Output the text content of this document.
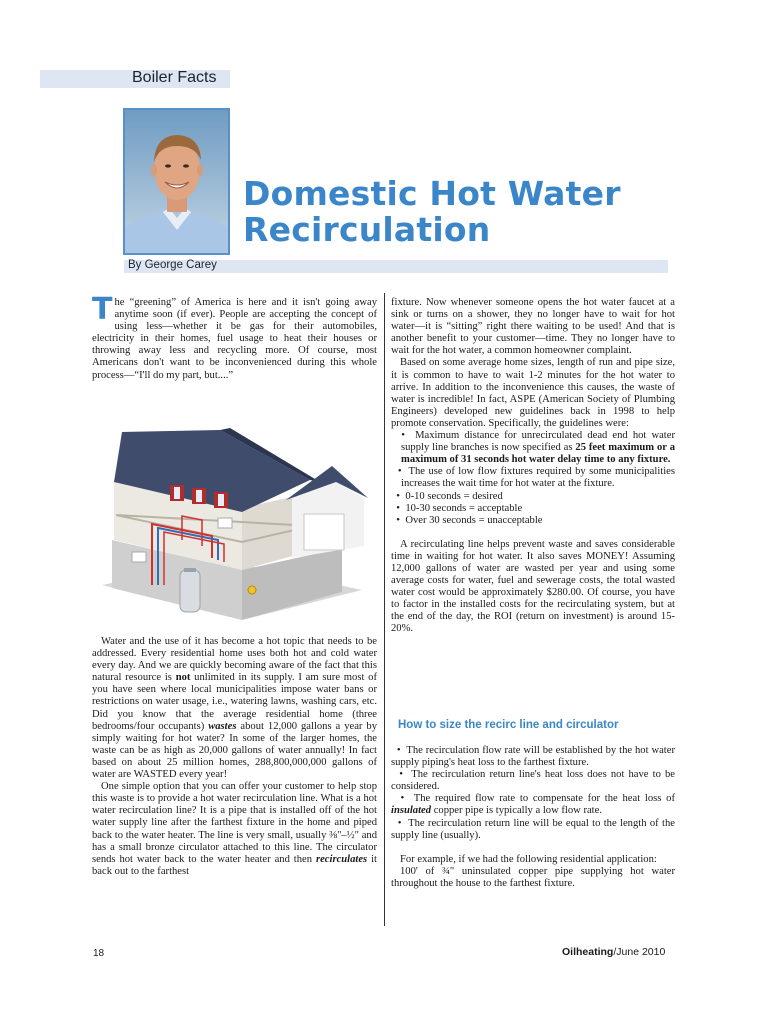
Boiler Facts
Domestic Hot Water
Recirculation
By George Carey

The “greening” of America is here and it isn't going away anytime soon (if ever). People are accepting the concept of using less—whether it be gas for their automobiles, electricity in their homes, fuel usage to heat their houses or throwing away less and recycling more. Of course, most Americans don't want to be inconvenienced during this whole process—“I'll do my part, but....”

Water and the use of it has become a hot topic that needs to be addressed. Every residential home uses both hot and cold water every day. And we are quickly becoming aware of the fact that this natural resource is not unlimited in its supply. I am sure most of you have seen where local municipalities impose water bans or restrictions on water usage, i.e., watering lawns, washing cars, etc. Did you know that the average residential home (three bedrooms/four occupants) wastes about 12,000 gallons a year by simply waiting for hot water? In some of the larger homes, the waste can be as high as 20,000 gallons of water annually! In fact based on about 25 million homes, 288,800,000,000 gallons of water are WASTED every year!

One simple option that you can offer your customer to help stop this waste is to provide a hot water recirculation line. What is a hot water recirculation line? It is a pipe that is installed off of the hot water supply line after the farthest fixture in the home and piped back to the water heater. The line is very small, usually ⅜"–½" and has a small bronze circulator attached to this line. The circulator sends hot water back to the water heater and then recirculates it back out to the farthest

fixture. Now whenever someone opens the hot water faucet at a sink or turns on a shower, they no longer have to wait for hot water—it is “sitting” right there waiting to be used! And that is another benefit to your customer—time. They no longer have to wait for the hot water, a common homeowner complaint.

Based on some average home sizes, length of run and pipe size, it is common to have to wait 1-2 minutes for the hot water to arrive. In addition to the inconvenience this causes, the waste of water is incredible! In fact, ASPE (American Society of Plumbing Engineers) developed new guidelines back in 1998 to help promote conservation. Specifically, the guidelines were:

•  Maximum distance for unrecirculated dead end hot water supply line branches is now specified as 25 feet maximum or a maximum of 31 seconds hot water delay time to any fixture.

•  The use of low flow fixtures required by some municipalities increases the wait time for hot water at the fixture.

•  0-10 seconds = desired
•  10-30 seconds = acceptable
•  Over 30 seconds = unacceptable

A recirculating line helps prevent waste and saves considerable time in waiting for hot water. It also saves MONEY! Assuming 12,000 gallons of water are wasted per year and using some average costs for water, fuel and sewerage costs, the total wasted water cost would be approximately $280.00. Of course, you have to factor in the installed costs for the recirculating system, but at the end of the day, the ROI (return on investment) is around 15-20%.

How to size the recirc line and circulator

•  The recirculation flow rate will be established by the hot water supply piping's heat loss to the farthest fixture.

•  The recirculation return line's heat loss does not have to be considered.

•  The required flow rate to compensate for the heat loss of insulated copper pipe is typically a low flow rate.

•  The recirculation return line will be equal to the length of the supply line (usually).

For example, if we had the following residential application:

100' of ¾" uninsulated copper pipe supplying hot water throughout the house to the farthest fixture.

18	Oilheating/June 2010
